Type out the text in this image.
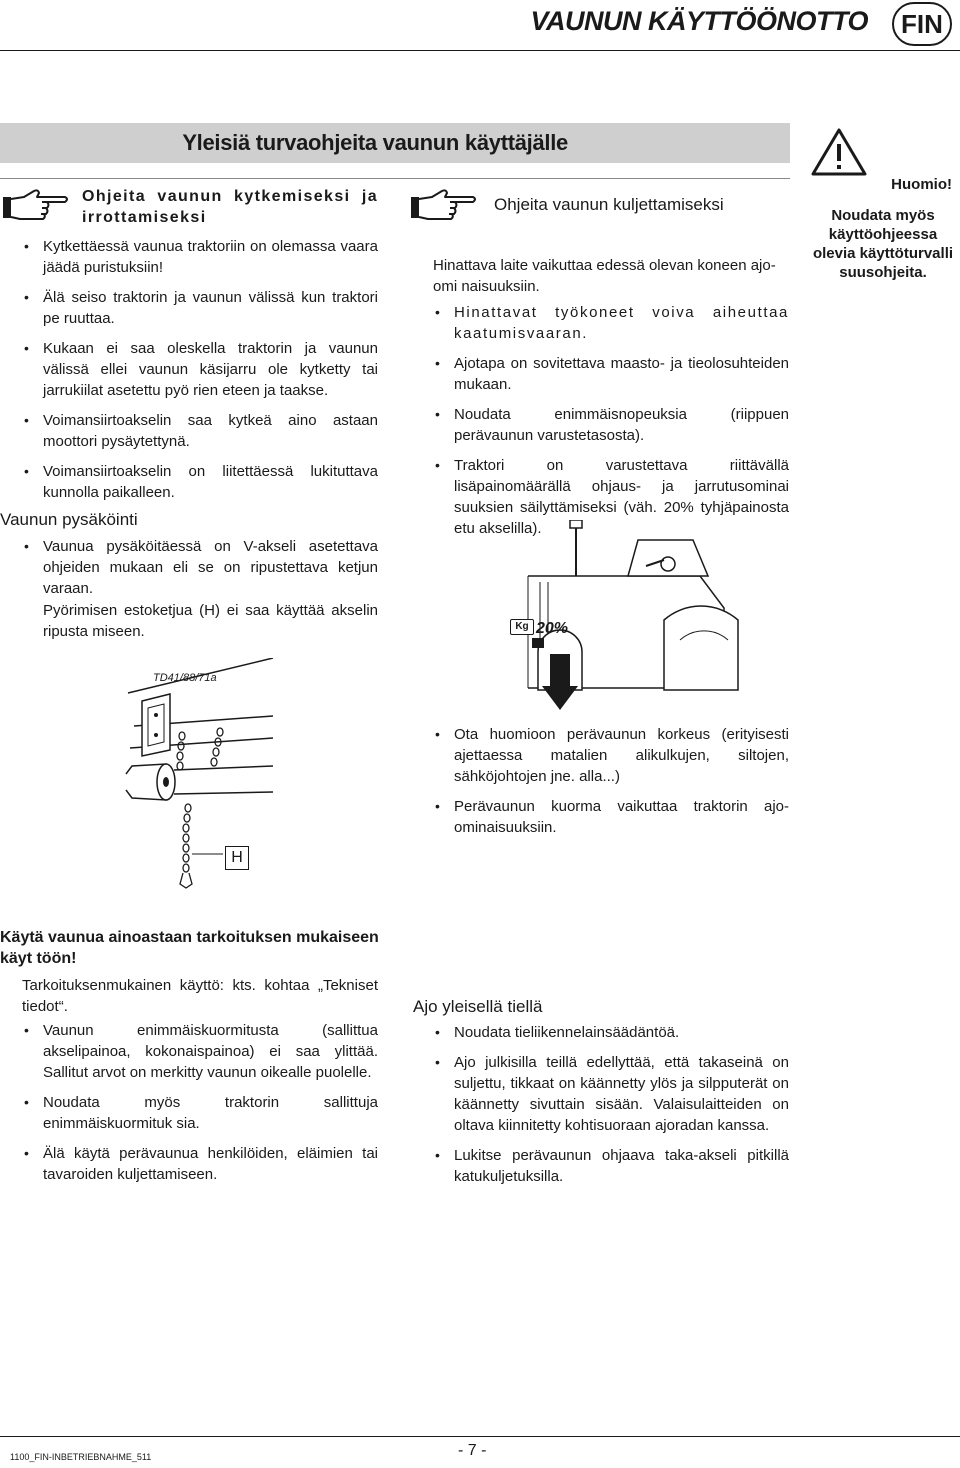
VAUNUN KÄYTTÖÖNOTTO	FIN
Yleisiä turvaohjeita vaunun käyttäjälle
Ohjeita vaunun kytkemiseksi ja irrottamiseksi
• Kytkettäessä vaunua traktoriin on olemassa vaara jäädä puristuksiin!
• Älä seiso traktorin ja vaunun välissä kun traktori pe ruuttaa.
• Kukaan ei saa oleskella traktorin ja vaunun välissä ellei vaunun käsijarru ole kytketty tai jarrukiilat asetettu pyö rien eteen ja taakse.
• Voimansiirtoakselin saa kytkeä aino astaan moottori pysäytettynä.
• Voimansiirtoakselin on liitettäessä lukituttava kunnolla paikalleen.
Ohjeita vaunun kuljettamiseksi
Hinattava laite vaikuttaa edessä olevan koneen ajo-omi naisuuksiin.
• Hinattavat työkoneet voiva aiheuttaa kaatumisvaaran.
• Ajotapa on sovitettava maasto- ja tieolosuhteiden mukaan.
• Noudata enimmäisnopeuksia (riippuen perävaunun varustetasosta).
• Traktori on varustettava riittävällä lisäpainomäärällä ohjaus- ja jarrutusominai suuksien säilyttämiseksi (väh. 20% tyhjäpainosta etu akselilla).
Huomio!
Noudata myös käyttöohjeessa olevia käyttöturvalli suusohjeita.
Vaunun pysäköinti
• Vaunua pysäköitäessä on V-akseli asetettava ohjeiden mukaan eli se on ripustettava ketjun varaan.
Pyörimisen estoketjua (H) ei saa käyttää akselin ripusta miseen.
TD41/88/71a
H
Kg 20%
• Ota huomioon perävaunun korkeus (erityisesti ajettaessa matalien alikulkujen, siltojen, sähköjohtojen jne. alla...)
• Perävaunun kuorma vaikuttaa traktorin ajo-ominaisuuksiin.
Käytä vaunua ainoastaan tarkoituksen mukaiseen käyt töön!
Tarkoituksenmukainen käyttö: kts. kohtaa „Tekniset tiedot“.
• Vaunun enimmäiskuormitusta (sallittua akselipainoa, kokonaispainoa) ei saa ylittää. Sallitut arvot on merkitty vaunun oikealle puolelle.
• Noudata myös traktorin sallittuja enimmäiskuormituk sia.
• Älä käytä perävaunua henkilöiden, eläimien tai tavaroiden kuljettamiseen.
Ajo yleisellä tiellä
• Noudata tieliikennelainsäädäntöä.
• Ajo julkisilla teillä edellyttää, että takaseinä on suljettu, tikkaat on käännetty ylös ja silpputerät on käännetty sivuttain sisään. Valaisulaitteiden on oltava kiinnitetty kohtisuoraan ajoradan kanssa.
• Lukitse perävaunun ohjaava taka-akseli pitkillä katukuljetuksilla.
1100_FIN-INBETRIEBNAHME_511	- 7 -
